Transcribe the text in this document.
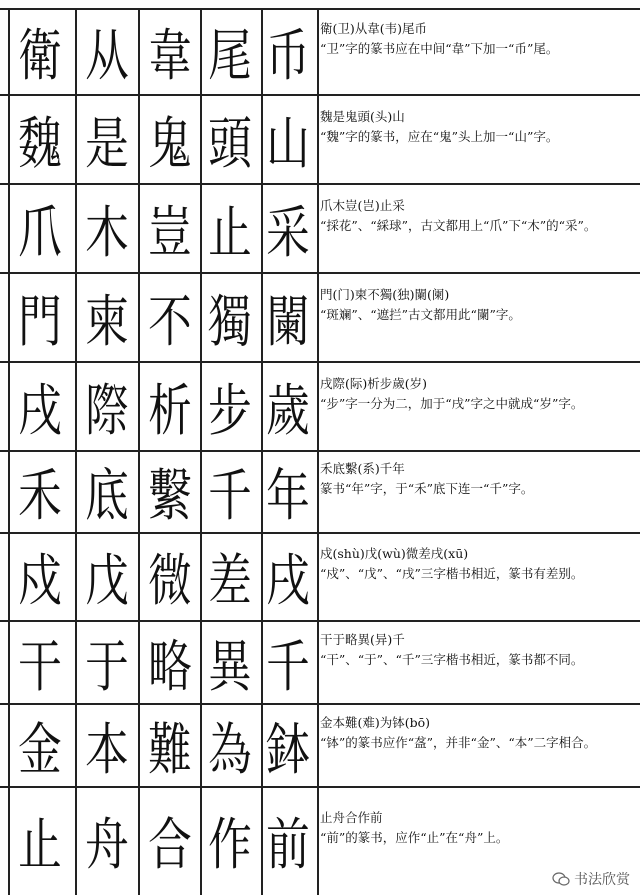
衛 从 韋 尾 币 衛(卫)从韋(韦)尾币
“卫”字的篆书应在中间“韋”下加一“币”尾。
魏 是 鬼 頭 山 魏是鬼頭(头)山
“魏”字的篆书，应在“鬼”头上加一“山”字。
爪 木 豈 止 采 爪木豈(岂)止采
“採花”、“綵球”，古文都用上“爪”下“木”的“采”。
門 柬 不 獨 闌 門(门)柬不獨(独)闌(阑)
“斑斓”、“遮拦”古文都用此“闌”字。
戌 際 析 步 歲 戌際(际)析步歲(岁)
“步”字一分为二，加于“戌”字之中就成“岁”字。
禾 底 繫 千 年 禾底繫(系)千年
篆书“年”字，于“禾”底下连一“千”字。
戍 戊 微 差 戌 戍(shù)戊(wù)微差戌(xū)
“戍”、“戊”、“戌”三字楷书相近，篆书有差别。
干 于 略 異 千 干于略異(异)千
“干”、“于”、“千”三字楷书相近，篆书都不同。
金 本 難 為 鉢 金本難(难)为钵(bō)
“钵”的篆书应作“盋”，并非“金”、“本”二字相合。
止 舟 合 作 前 止舟合作前
“前”的篆书，应作“止”在“舟”上。
书法欣赏
